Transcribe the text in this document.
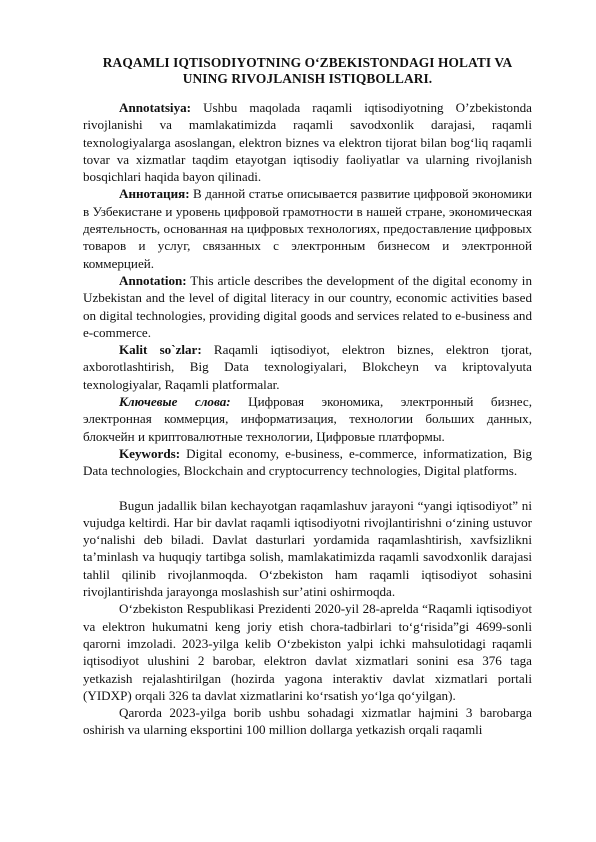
RAQAMLI IQTISODIYOTNING O‘ZBEKISTONDAGI HOLATI VA
UNING RIVOJLANISH ISTIQBOLLARI.

Annotatsiya: Ushbu maqolada raqamli iqtisodiyotning O’zbekistonda rivojlanishi va mamlakatimizda raqamli savodxonlik darajasi, raqamli texnologiyalarga asoslangan, elektron biznes va elektron tijorat bilan bog‘liq raqamli tovar va xizmatlar taqdim etayotgan iqtisodiy faoliyatlar va ularning rivojlanish bosqichlari haqida bayon qilinadi.

Аннотация: В данной статье описывается развитие цифровой экономики в Узбекистане и уровень цифровой грамотности в нашей стране, экономическая деятельность, основанная на цифровых технологиях, предоставление цифровых товаров и услуг, связанных с электронным бизнесом и электронной коммерцией.

Annotation: This article describes the development of the digital economy in Uzbekistan and the level of digital literacy in our country, economic activities based on digital technologies, providing digital goods and services related to e-business and e-commerce.

Kalit so`zlar: Raqamli iqtisodiyot, elektron biznes, elektron tjorat, axborotlashtirish, Big Data texnologiyalari, Blokcheyn va kriptovalyuta texnologiyalar, Raqamli platformalar.

Ключевые слова: Цифровая экономика, электронный бизнес, электронная коммерция, информатизация, технологии больших данных, блокчейн и криптовалютные технологии, Цифровые платформы.

Keywords: Digital economy, e-business, e-commerce, informatization, Big Data technologies, Blockchain and cryptocurrency technologies, Digital platforms.

Bugun jadallik bilan kechayotgan raqamlashuv jarayoni “yangi iqtisodiyot” ni vujudga keltirdi. Har bir davlat raqamli iqtisodiyotni rivojlantirishni o‘zining ustuvor yo‘nalishi deb biladi. Davlat dasturlari yordamida raqamlashtirish, xavfsizlikni ta’minlash va huquqiy tartibga solish, mamlakatimizda raqamli savodxonlik darajasi tahlil qilinib rivojlanmoqda. O‘zbekiston ham raqamli iqtisodiyot sohasini rivojlantirishda jarayonga moslashish sur’atini oshirmoqda.

O‘zbekiston Respublikasi Prezidenti 2020-yil 28-aprelda “Raqamli iqtisodiyot va elektron hukumatni keng joriy etish chora-tadbirlari to‘g‘risida”gi 4699-sonli qarorni imzoladi. 2023-yilga kelib O‘zbekiston yalpi ichki mahsulotidagi raqamli iqtisodiyot ulushini 2 barobar, elektron davlat xizmatlari sonini esa 376 taga yetkazish rejalashtirilgan (hozirda yagona interaktiv davlat xizmatlari portali (YIDXP) orqali 326 ta davlat xizmatlarini ko‘rsatish yo‘lga qo‘yilgan).

Qarorda 2023-yilga borib ushbu sohadagi xizmatlar hajmini 3 barobarga oshirish va ularning eksportini 100 million dollarga yetkazish orqali raqamli
